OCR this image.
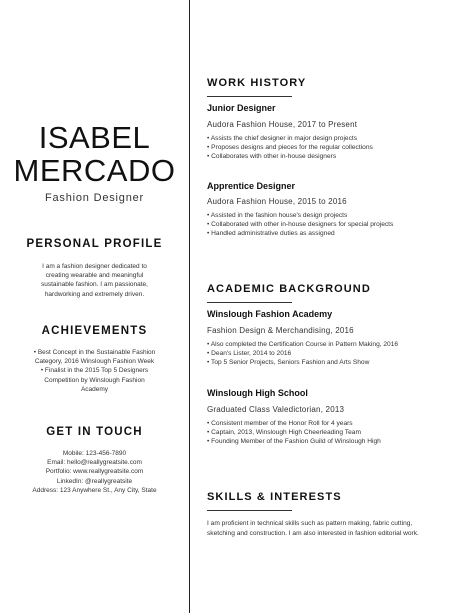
ISABEL
MERCADO
Fashion Designer
PERSONAL PROFILE
I am a fashion designer dedicated to
creating wearable and meaningful
sustainable fashion. I am passionate,
hardworking and extremely driven.
ACHIEVEMENTS
• Best Concept in the Sustainable Fashion
Category, 2016 Winslough Fashion Week
• Finalist in the 2015 Top 5 Designers
Competition by Winslough Fashion
Academy
GET IN TOUCH
Mobile: 123-456-7890
Email: hello@reallygreatsite.com
Portfolio: www.reallygreatsite.com
LinkedIn: @reallygreatsite
Address: 123 Anywhere St., Any City, State
WORK HISTORY
Junior Designer
Audora Fashion House, 2017 to Present
• Assists the chief designer in major design projects
• Proposes designs and pieces for the regular collections
• Collaborates with other in-house designers
Apprentice Designer
Audora Fashion House, 2015 to 2016
• Assisted in the fashion house's design projects
• Collaborated with other in-house designers for special projects
• Handled administrative duties as assigned
ACADEMIC BACKGROUND
Winslough Fashion Academy
Fashion Design & Merchandising, 2016
• Also completed the Certification Course in Pattern Making, 2016
• Dean's Lister, 2014 to 2016
• Top 5 Senior Projects, Seniors Fashion and Arts Show
Winslough High School
Graduated Class Valedictorian, 2013
• Consistent member of the Honor Roll for 4 years
• Captain, 2013, Winslough High Cheerleading Team
• Founding Member of the Fashion Guild of Winslough High
SKILLS & INTERESTS
I am proficient in technical skills such as pattern making, fabric cutting,
sketching and construction. I am also interested in fashion editorial work.
